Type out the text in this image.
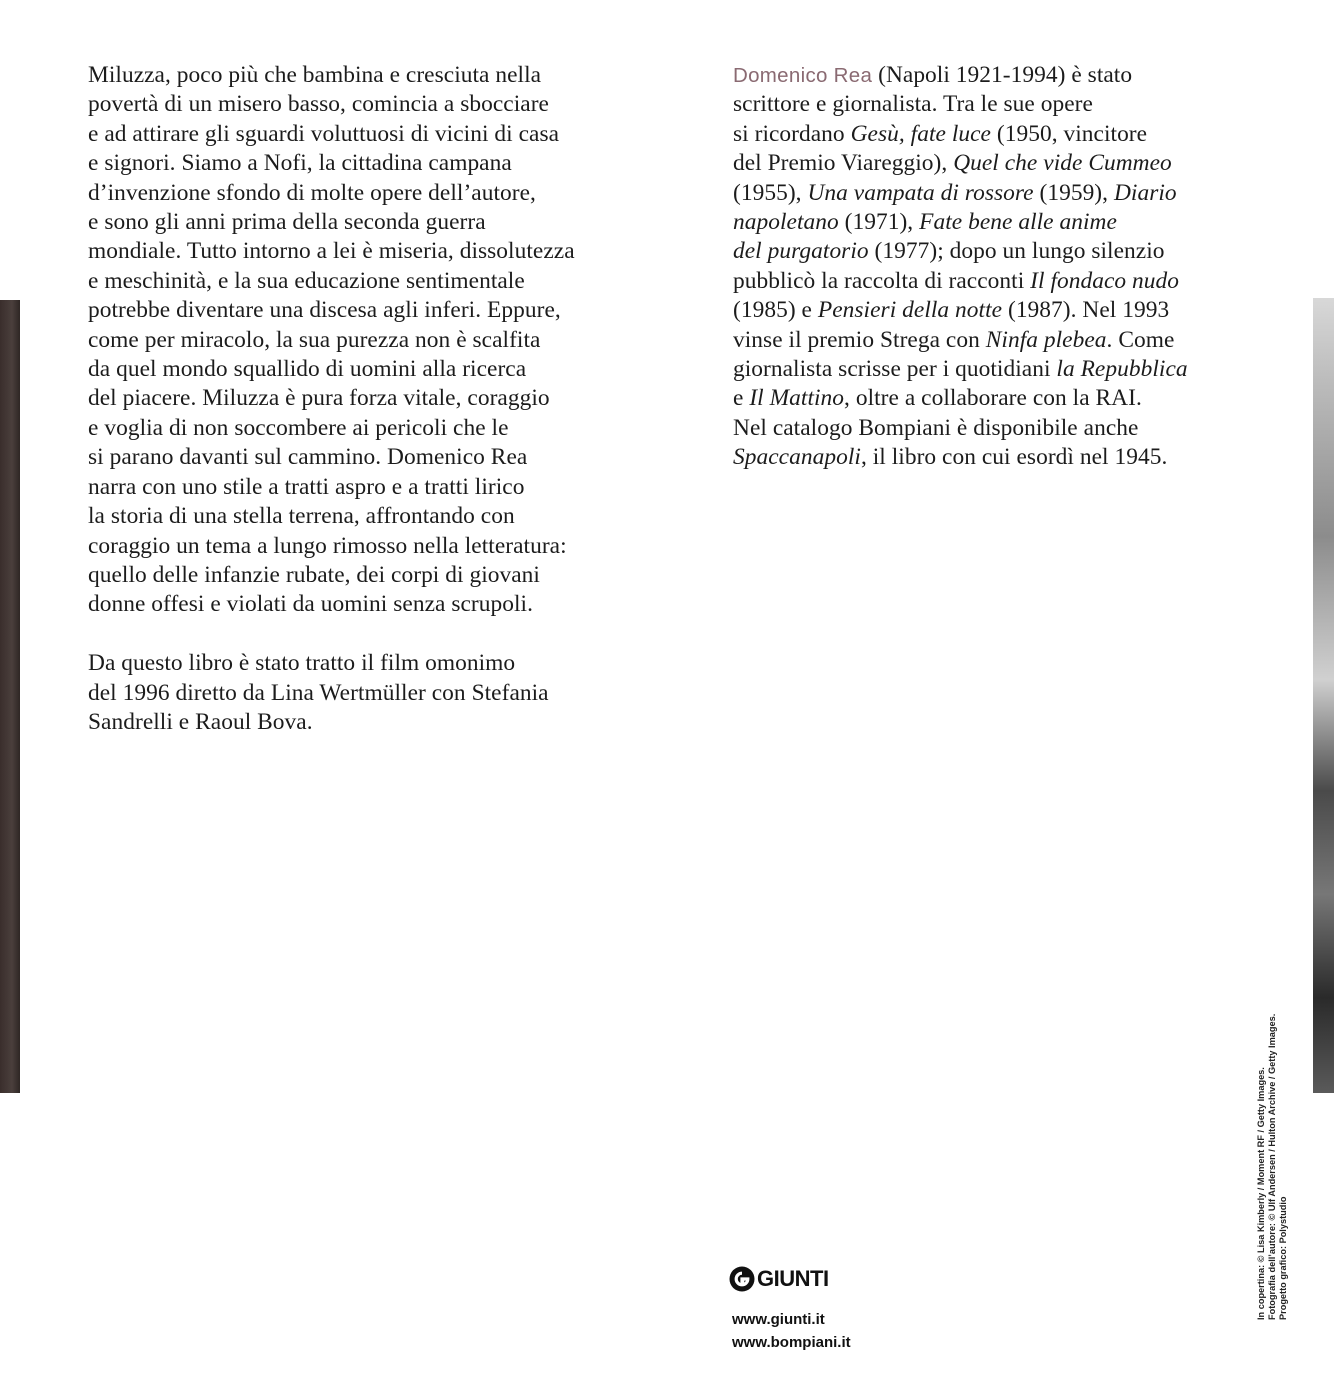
Miluzza, poco più che bambina e cresciuta nella
povertà di un misero basso, comincia a sbocciare
e ad attirare gli sguardi voluttuosi di vicini di casa
e signori. Siamo a Nofi, la cittadina campana
d’invenzione sfondo di molte opere dell’autore,
e sono gli anni prima della seconda guerra
mondiale. Tutto intorno a lei è miseria, dissolutezza
e meschinità, e la sua educazione sentimentale
potrebbe diventare una discesa agli inferi. Eppure,
come per miracolo, la sua purezza non è scalfita
da quel mondo squallido di uomini alla ricerca
del piacere. Miluzza è pura forza vitale, coraggio
e voglia di non soccombere ai pericoli che le
si parano davanti sul cammino. Domenico Rea
narra con uno stile a tratti aspro e a tratti lirico
la storia di una stella terrena, affrontando con
coraggio un tema a lungo rimosso nella letteratura:
quello delle infanzie rubate, dei corpi di giovani
donne offesi e violati da uomini senza scrupoli.
Da questo libro è stato tratto il film omonimo
del 1996 diretto da Lina Wertmüller con Stefania
Sandrelli e Raoul Bova.
Domenico Rea (Napoli 1921-1994) è stato
scrittore e giornalista. Tra le sue opere
si ricordano Gesù, fate luce (1950, vincitore
del Premio Viareggio), Quel che vide Cummeo
(1955), Una vampata di rossore (1959), Diario
napoletano (1971), Fate bene alle anime
del purgatorio (1977); dopo un lungo silenzio
pubblicò la raccolta di racconti Il fondaco nudo
(1985) e Pensieri della notte (1987). Nel 1993
vinse il premio Strega con Ninfa plebea. Come
giornalista scrisse per i quotidiani la Repubblica
e Il Mattino, oltre a collaborare con la RAI.
Nel catalogo Bompiani è disponibile anche
Spaccanapoli, il libro con cui esordì nel 1945.
GIUNTI
www.giunti.it
www.bompiani.it
In copertina: © Lisa Kimberly / Moment RF / Getty Images. Fotografia dell’autore: © Ulf Andersen / Hulton Archive / Getty Images. Progetto grafico: Polystudio
